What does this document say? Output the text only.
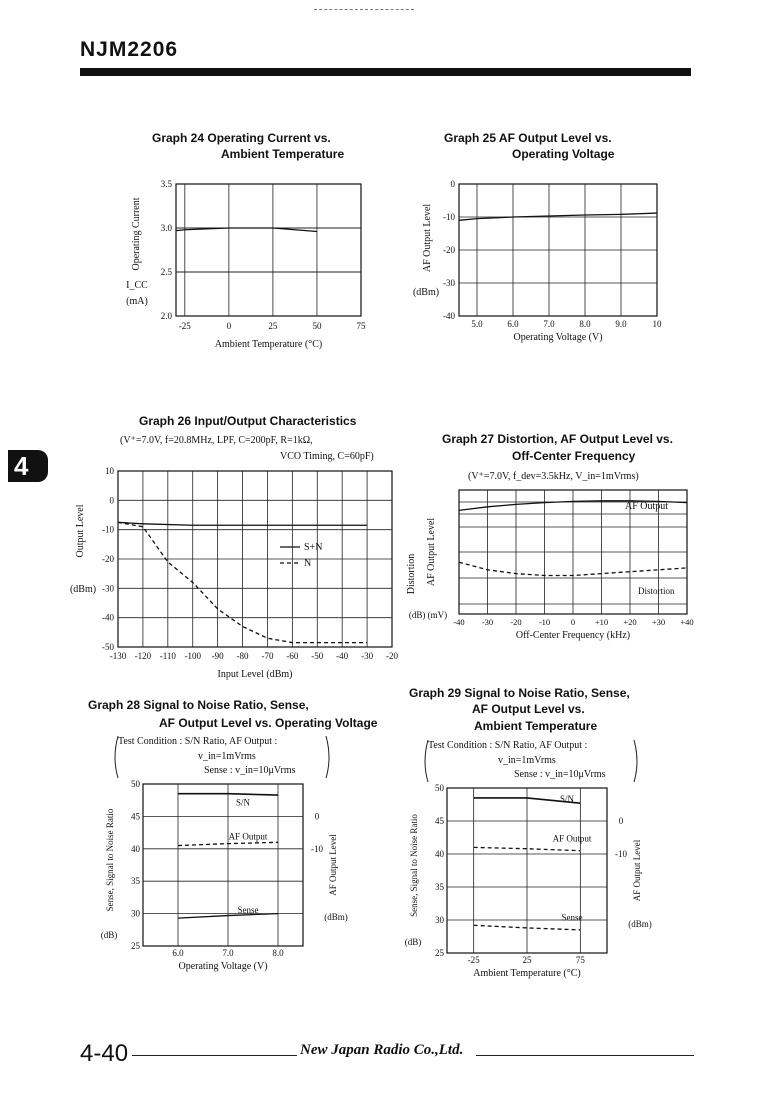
NJM2206
4
Graph 24 Operating Current vs.
Ambient Temperature
Graph 25 AF Output Level vs.
Operating Voltage
Graph 26 Input/Output Characteristics
(V⁺=7.0V, f=20.8MHz, LPF, C=200pF, R=1kΩ,
VCO Timing, C=60pF)
Graph 27 Distortion, AF Output Level vs.
Off-Center Frequency
(V⁺=7.0V, f_dev=3.5kHz, V_in=1mVrms)
Graph 28 Signal to Noise Ratio, Sense,
AF Output Level vs. Operating Voltage
Test Condition : S/N Ratio, AF Output :
v_in=1mVrms
Sense : v_in=10μVrms
Graph 29 Signal to Noise Ratio, Sense,
AF Output Level vs.
Ambient Temperature
Test Condition : S/N Ratio, AF Output :
v_in=1mVrms
Sense : v_in=10μVrms
-25	0	25	50	75
2.0
2.5
3.0
3.5
Ambient Temperature (°C)
Operating Current
I_CC
(mA)
5.0	6.0	7.0	8.0	9.0	10
0
-10
-20
-30
-40
Operating Voltage (V)
AF Output Level
(dBm)
-130 -120 -110 -100 -90 -80 -70 -60 -50 -40 -30 -20
10
0
-10
-20
-30
-40
-50
S+N
N
Input Level (dBm)
Output Level
(dBm)
-40 -30 -20 -10 0 +10 +20 +30 +40
AF Output
Distortion
Off-Center Frequency (kHz)
Distortion AF Output Level
(dB) (mV)
6.0	7.0	8.0
25
30
35
40
45
50
0
-10
S/N
AF Output
Sense
Operating Voltage (V)
Sense, Signal to Noise Ratio
(dB)
AF Output Level
(dBm)
-25	25	75
25
30
35
40
45
50
0
-10
S/N
AF Output
Sense
Ambient Temperature (°C)
Sense, Signal to Noise Ratio
(dB)
AF Output Level
(dBm)
4-40	New Japan Radio Co.,Ltd.
